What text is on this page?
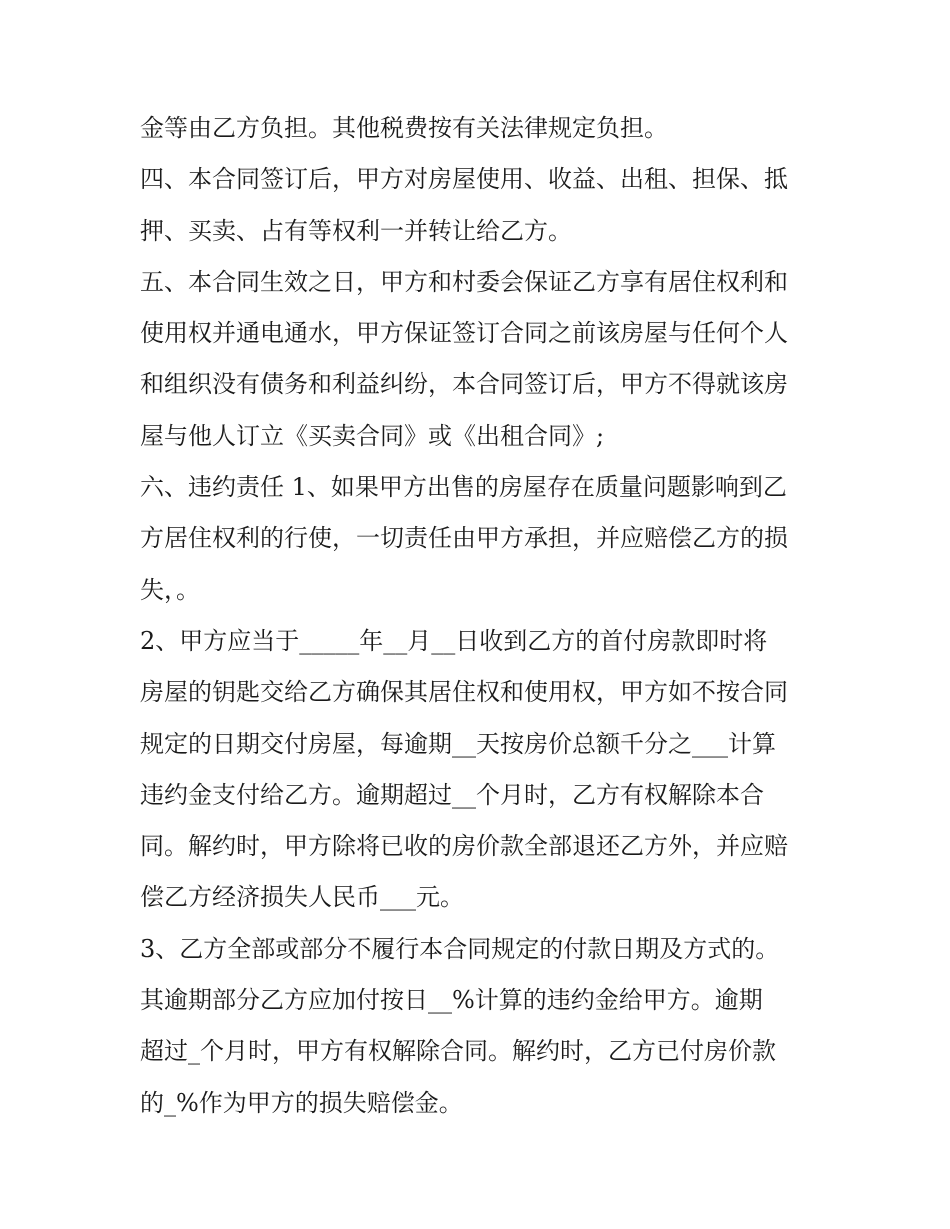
金等由乙方负担。其他税费按有关法律规定负担。
四、本合同签订后，甲方对房屋使用、收益、出租、担保、抵
押、买卖、占有等权利一并转让给乙方。
五、本合同生效之日，甲方和村委会保证乙方享有居住权利和
使用权并通电通水，甲方保证签订合同之前该房屋与任何个人
和组织没有债务和利益纠纷，本合同签订后，甲方不得就该房
屋与他人订立《买卖合同》或《出租合同》;
六、违约责任 1、如果甲方出售的房屋存在质量问题影响到乙
方居住权利的行使，一切责任由甲方承担，并应赔偿乙方的损
失，。
2、甲方应当于_____年__月__日收到乙方的首付房款即时将
房屋的钥匙交给乙方确保其居住权和使用权，甲方如不按合同
规定的日期交付房屋，每逾期__天按房价总额千分之___计算
违约金支付给乙方。逾期超过__个月时，乙方有权解除本合
同。解约时，甲方除将已收的房价款全部退还乙方外，并应赔
偿乙方经济损失人民币___元。
3、乙方全部或部分不履行本合同规定的付款日期及方式的。
其逾期部分乙方应加付按日__%计算的违约金给甲方。逾期
超过_个月时，甲方有权解除合同。解约时，乙方已付房价款
的_%作为甲方的损失赔偿金。
